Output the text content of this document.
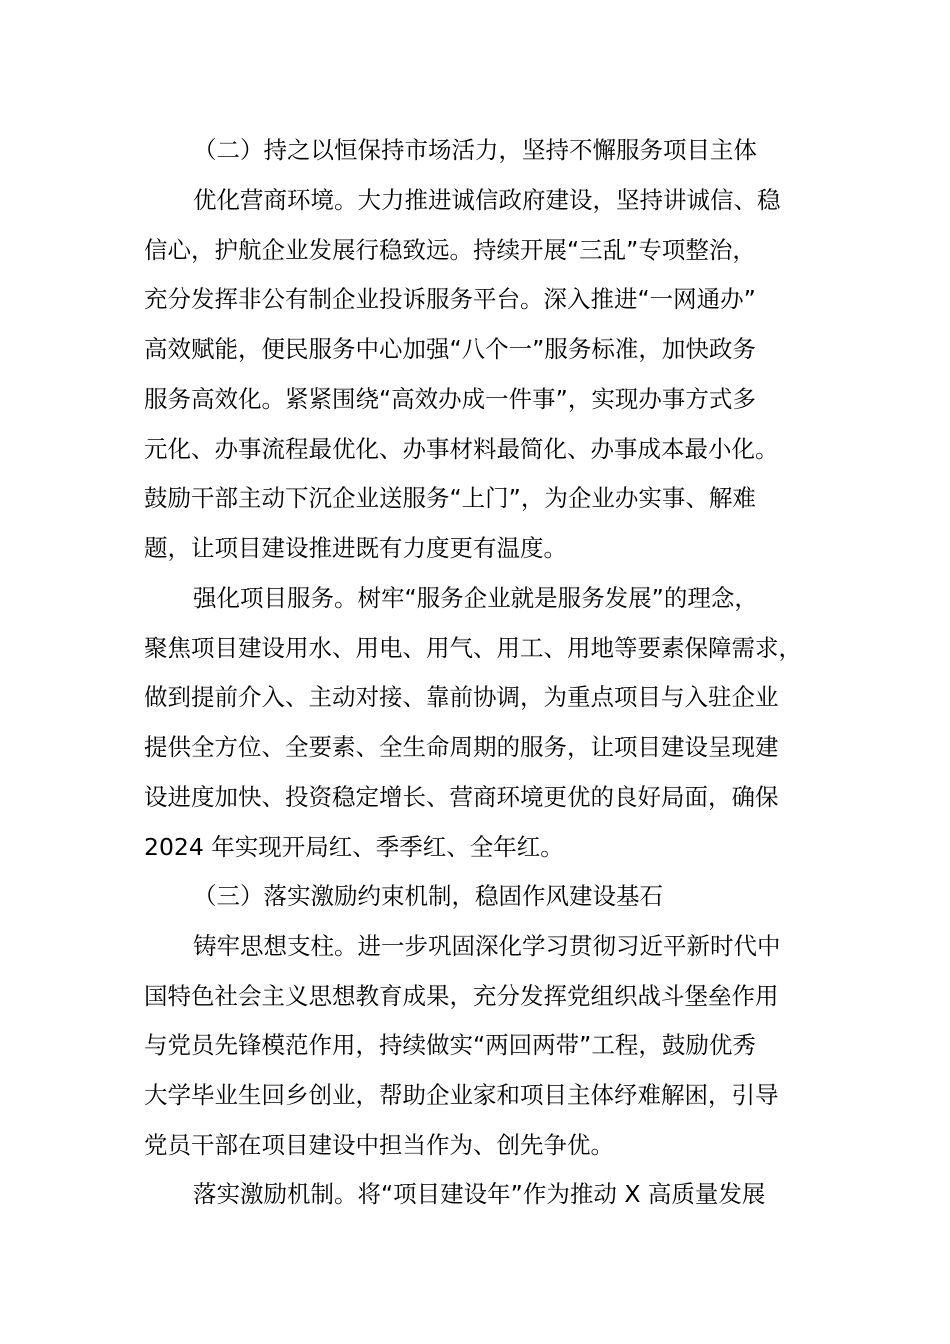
（二）持之以恒保持市场活力，坚持不懈服务项目主体
优化营商环境。大力推进诚信政府建设，坚持讲诚信、稳
信心，护航企业发展行稳致远。持续开展“三乱”专项整治，
充分发挥非公有制企业投诉服务平台。深入推进“一网通办”
高效赋能，便民服务中心加强“八个一”服务标准，加快政务
服务高效化。紧紧围绕“高效办成一件事”，实现办事方式多
元化、办事流程最优化、办事材料最简化、办事成本最小化。
鼓励干部主动下沉企业送服务“上门”，为企业办实事、解难
题，让项目建设推进既有力度更有温度。
强化项目服务。树牢“服务企业就是服务发展”的理念，
聚焦项目建设用水、用电、用气、用工、用地等要素保障需求，
做到提前介入、主动对接、靠前协调，为重点项目与入驻企业
提供全方位、全要素、全生命周期的服务，让项目建设呈现建
设进度加快、投资稳定增长、营商环境更优的良好局面，确保
2024 年实现开局红、季季红、全年红。
（三）落实激励约束机制，稳固作风建设基石
铸牢思想支柱。进一步巩固深化学习贯彻习近平新时代中
国特色社会主义思想教育成果，充分发挥党组织战斗堡垒作用
与党员先锋模范作用，持续做实“两回两带”工程，鼓励优秀
大学毕业生回乡创业，帮助企业家和项目主体纾难解困，引导
党员干部在项目建设中担当作为、创先争优。
落实激励机制。将“项目建设年”作为推动 X 高质量发展
